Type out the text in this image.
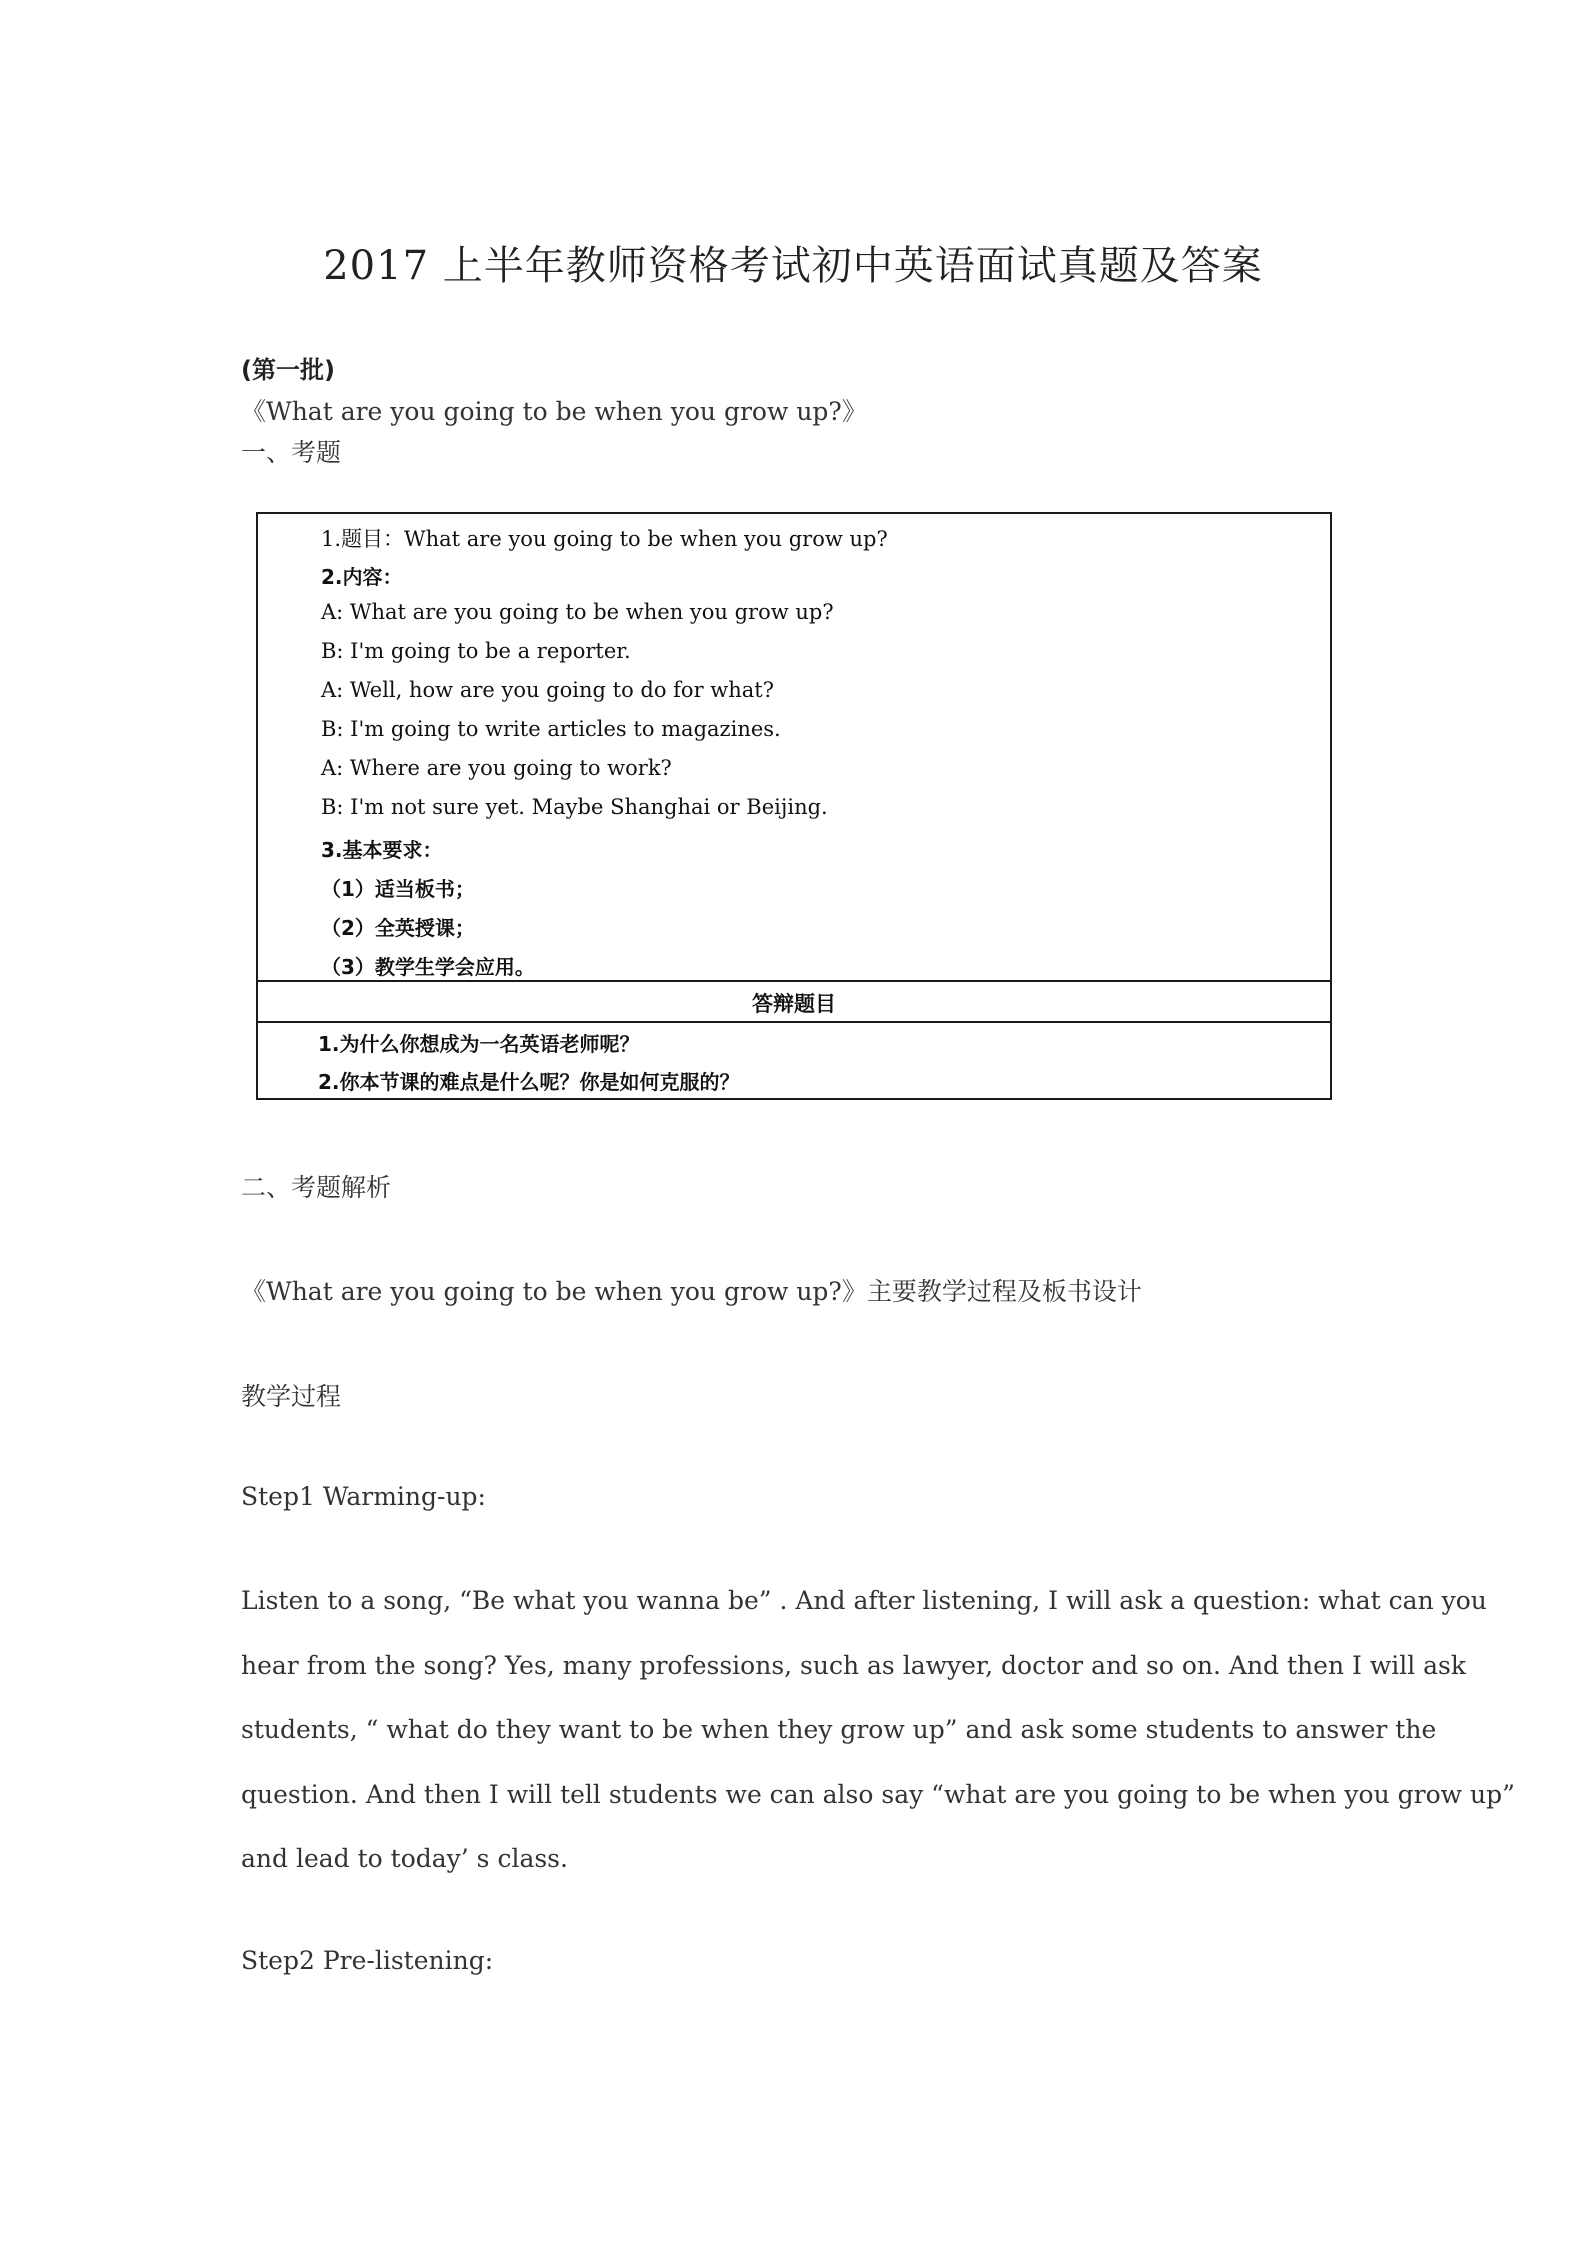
2017 上半年教师资格考试初中英语面试真题及答案
(第一批)
《What are you going to be when you grow up?》
一、考题
1.题目：What are you going to be when you grow up?
2.内容：
A: What are you going to be when you grow up?
B: I'm going to be a reporter.
A: Well, how are you going to do for what?
B: I'm going to write articles to magazines.
A: Where are you going to work?
B: I'm not sure yet. Maybe Shanghai or Beijing.
3.基本要求：
（1）适当板书；
（2）全英授课；
（3）教学生学会应用。
答辩题目
1.为什么你想成为一名英语老师呢？
2.你本节课的难点是什么呢？你是如何克服的？
二、考题解析
《What are you going to be when you grow up?》主要教学过程及板书设计
教学过程
Step1 Warming-up:

Listen to a song, “Be what you wanna be” . And after listening, I will ask a question: what can you

hear from the song? Yes, many professions, such as lawyer, doctor and so on. And then I will ask

students, “ what do they want to be when they grow up” and ask some students to answer the

question. And then I will tell students we can also say “what are you going to be when you grow up”

and lead to today’ s class.

Step2 Pre-listening:
